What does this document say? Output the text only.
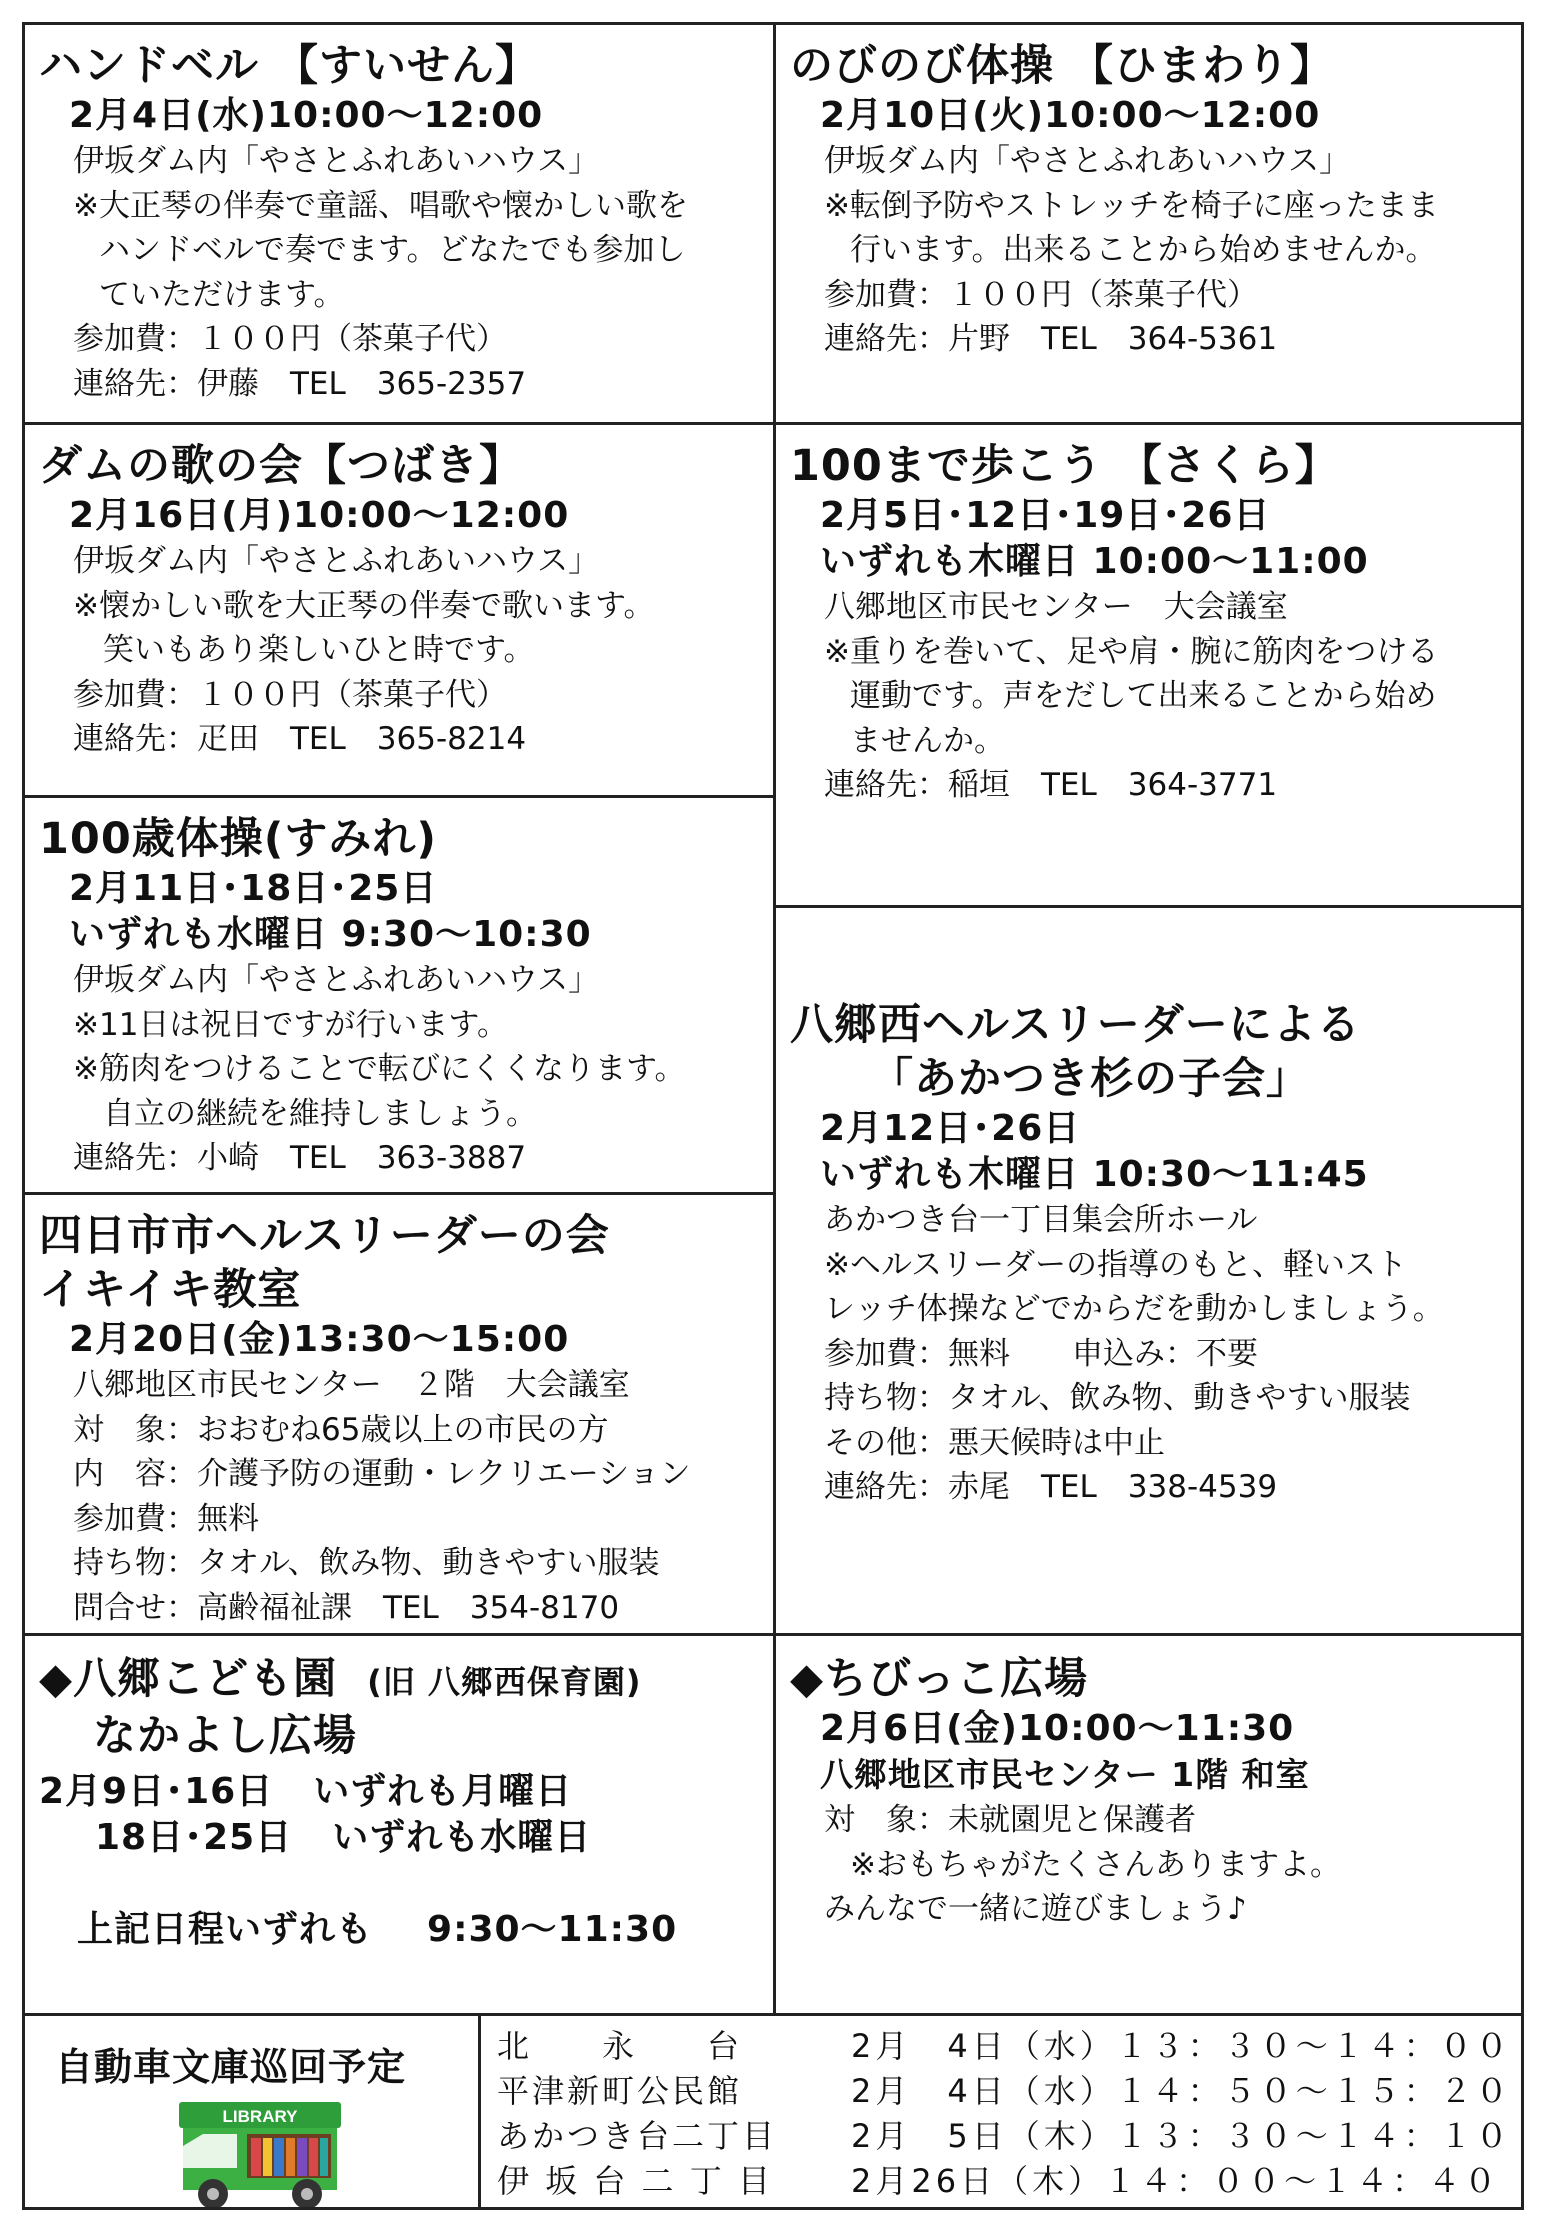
ハンドベル 【すいせん】
2月4日(水)10:00～12:00
伊坂ダム内「やさとふれあいハウス」
※大正琴の伴奏で童謡、唱歌や懐かしい歌を
ハンドベルで奏でます。どなたでも参加し
ていただけます。
参加費：１００円（茶菓子代）
連絡先：伊藤　TEL　365-2357
のびのび体操 【ひまわり】
2月10日(火)10:00～12:00
伊坂ダム内「やさとふれあいハウス」
※転倒予防やストレッチを椅子に座ったまま
行います。出来ることから始めませんか。
参加費：１００円（茶菓子代）
連絡先：片野　TEL　364-5361
ダムの歌の会【つばき】
2月16日(月)10:00～12:00
伊坂ダム内「やさとふれあいハウス」
※懐かしい歌を大正琴の伴奏で歌います。
笑いもあり楽しいひと時です。
参加費：１００円（茶菓子代）
連絡先：疋田　TEL　365-8214
100まで歩こう 【さくら】
2月5日･12日･19日･26日
いずれも木曜日 10:00～11:00
八郷地区市民センター　大会議室
※重りを巻いて、足や肩・腕に筋肉をつける
運動です。声をだして出来ることから始め
ませんか。
連絡先：稲垣　TEL　364-3771
100歳体操(すみれ)
2月11日･18日･25日
いずれも水曜日 9:30～10:30
伊坂ダム内「やさとふれあいハウス」
※11日は祝日ですが行います。
※筋肉をつけることで転びにくくなります。
自立の継続を維持しましょう。
連絡先：小崎　TEL　363-3887
八郷西ヘルスリーダーによる
「あかつき杉の子会」
2月12日･26日
いずれも木曜日 10:30～11:45
あかつき台一丁目集会所ホール
※ヘルスリーダーの指導のもと、軽いスト
レッチ体操などでからだを動かしましょう。
参加費：無料　　申込み：不要
持ち物：タオル、飲み物、動きやすい服装
その他：悪天候時は中止
連絡先：赤尾　TEL　338-4539
四日市市ヘルスリーダーの会
イキイキ教室
2月20日(金)13:30～15:00
八郷地区市民センター　２階　大会議室
対　象：おおむね65歳以上の市民の方
内　容：介護予防の運動・レクリエーション
参加費：無料
持ち物：タオル、飲み物、動きやすい服装
問合せ：高齢福祉課　TEL　354-8170
◆八郷こども園 (旧 八郷西保育園)
なかよし広場
2月9日･16日 いずれも月曜日
18日･25日 いずれも水曜日
上記日程いずれも 9:30～11:30
◆ちびっこ広場
2月6日(金)10:00～11:30
八郷地区市民センター 1階 和室
対　象：未就園児と保護者
※おもちゃがたくさんありますよ。
みんなで一緒に遊びましょう♪
自動車文庫巡回予定
LIBRARY
北　　永　　台	2月　4日（水）１３：３０～１４：００
平津新町公民館	2月　4日（水）１４：５０～１５：２０
あかつき台二丁目	2月　5日（木）１３：３０～１４：１０
伊 坂 台 二 丁 目	2月26日（木）１４：００～１４：４０
